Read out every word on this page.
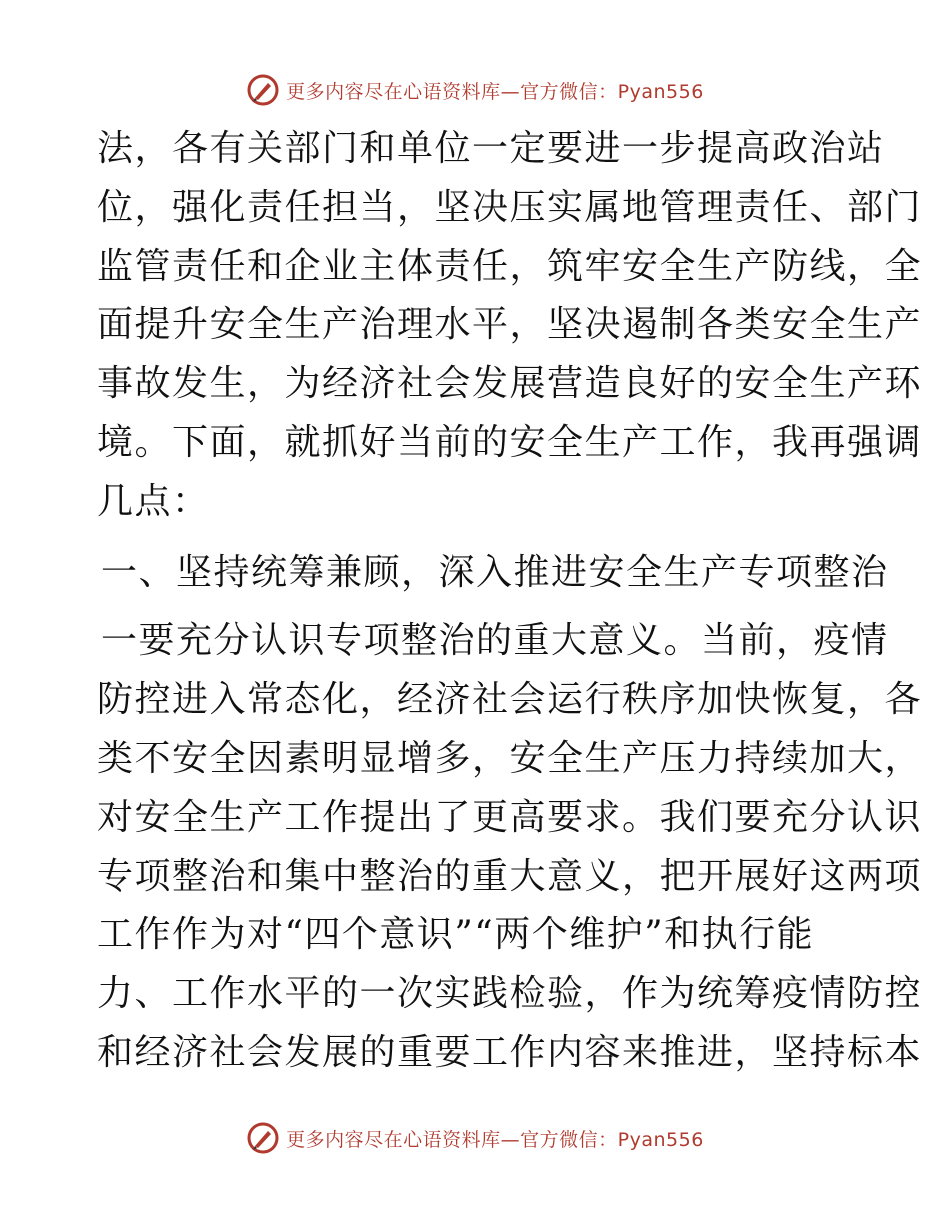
更多内容尽在心语资料库—官方微信：Pyan556
法，各有关部门和单位一定要进一步提高政治站
位，强化责任担当，坚决压实属地管理责任、部门
监管责任和企业主体责任，筑牢安全生产防线，全
面提升安全生产治理水平，坚决遏制各类安全生产
事故发生，为经济社会发展营造良好的安全生产环
境。下面，就抓好当前的安全生产工作，我再强调
几点：
一、坚持统筹兼顾，深入推进安全生产专项整治
一要充分认识专项整治的重大意义。当前，疫情
防控进入常态化，经济社会运行秩序加快恢复，各
类不安全因素明显增多，安全生产压力持续加大，
对安全生产工作提出了更高要求。我们要充分认识
专项整治和集中整治的重大意义，把开展好这两项
工作作为对“四个意识”“两个维护”和执行能
力、工作水平的一次实践检验，作为统筹疫情防控
和经济社会发展的重要工作内容来推进，坚持标本
更多内容尽在心语资料库—官方微信：Pyan556
